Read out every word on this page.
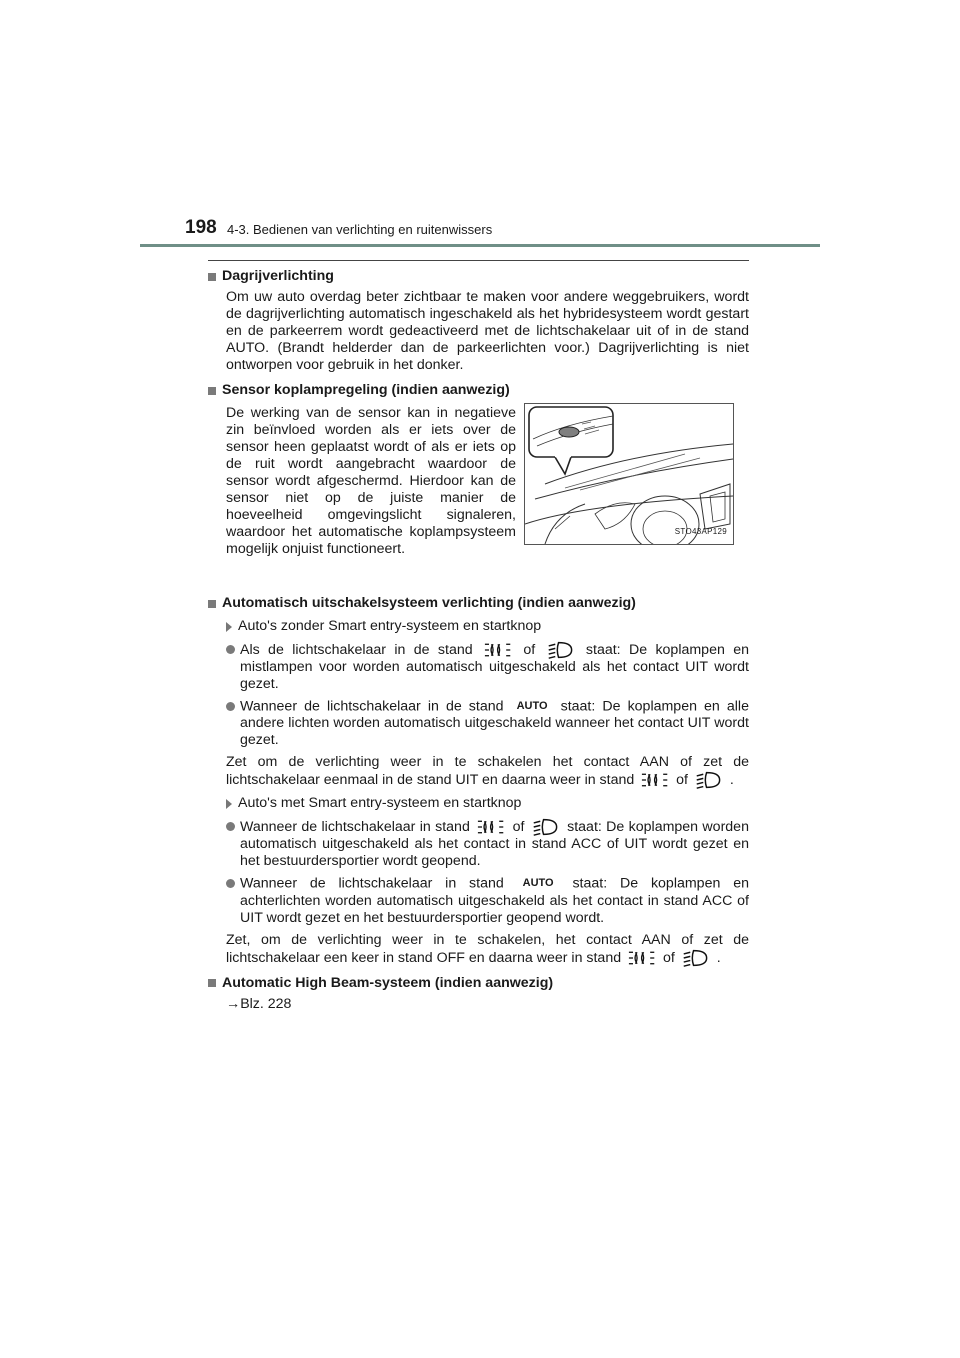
198 4-3. Bedienen van verlichting en ruitenwissers
Dagrijverlichting
Om uw auto overdag beter zichtbaar te maken voor andere weggebruikers, wordt de dagrijverlichting automatisch ingeschakeld als het hybridesysteem wordt gestart en de parkeerrem wordt gedeactiveerd met de lichtschakelaar uit of in de stand AUTO. (Brandt helderder dan de parkeerlichten voor.) Dagrijverlichting is niet ontworpen voor gebruik in het donker.
Sensor koplampregeling (indien aanwezig)
De werking van de sensor kan in negatieve zin beïnvloed worden als er iets over de sensor heen geplaatst wordt of als er iets op de ruit wordt aangebracht waardoor de sensor wordt afgeschermd. Hierdoor kan de sensor niet op de juiste manier de hoeveelheid omgevingslicht signaleren, waardoor het automatische koplampsysteem mogelijk onjuist functioneert.
STO43AP129
Automatisch uitschakelsysteem verlichting (indien aanwezig)
Auto's zonder Smart entry-systeem en startknop
Als de lichtschakelaar in de stand	of	staat: De koplampen en mistlampen voor worden automatisch uitgeschakeld als het contact UIT wordt gezet.
Wanneer de lichtschakelaar in de stand AUTO staat: De koplampen en alle andere lichten worden automatisch uitgeschakeld wanneer het contact UIT wordt gezet.
Zet om de verlichting weer in te schakelen het contact AAN of zet de lichtschakelaar eenmaal in de stand UIT en daarna weer in stand	of	.
Auto's met Smart entry-systeem en startknop
Wanneer de lichtschakelaar in stand	of	staat: De koplampen worden automatisch uitgeschakeld als het contact in stand ACC of UIT wordt gezet en het bestuurdersportier wordt geopend.
Wanneer de lichtschakelaar in stand AUTO staat: De koplampen en achterlichten worden automatisch uitgeschakeld als het contact in stand ACC of UIT wordt gezet en het bestuurdersportier geopend wordt.
Zet, om de verlichting weer in te schakelen, het contact AAN of zet de lichtschakelaar een keer in stand OFF en daarna weer in stand	of	.
Automatic High Beam-systeem (indien aanwezig)
→Blz. 228
